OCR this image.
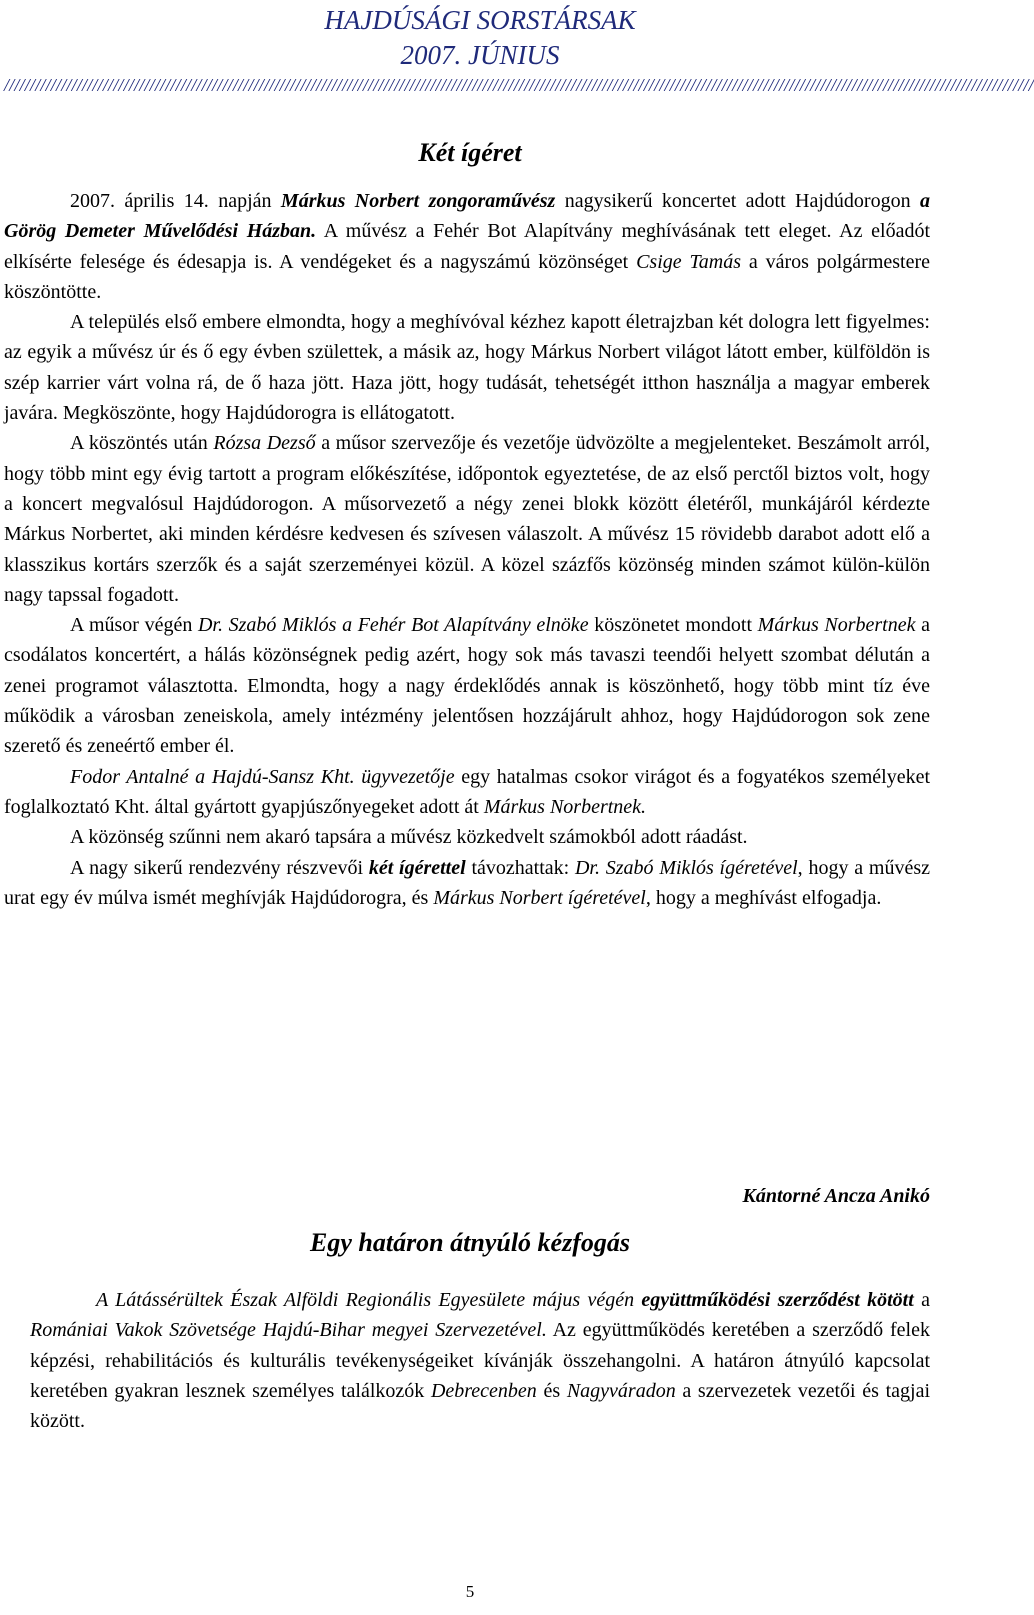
HAJDÚSÁGI SORSTÁRSAK
2007. JÚNIUS
//////////////////////////////////////////////////////////////////////////////////////////////////////////////////////////////////////////////////////////////////////////////////////////////////////
Két ígéret

2007. április 14. napján Márkus Norbert zongoraművész nagysikerű koncertet adott Hajdúdorogon a Görög Demeter Művelődési Házban. A művész a Fehér Bot Alapítvány meghívásának tett eleget. Az előadót elkísérte felesége és édesapja is. A vendégeket és a nagyszámú közönséget Csige Tamás a város polgármestere köszöntötte.

A település első embere elmondta, hogy a meghívóval kézhez kapott életrajzban két dologra lett figyelmes: az egyik a művész úr és ő egy évben születtek, a másik az, hogy Márkus Norbert világot látott ember, külföldön is szép karrier várt volna rá, de ő haza jött. Haza jött, hogy tudását, tehetségét itthon használja a magyar emberek javára. Megköszönte, hogy Hajdúdorogra is ellátogatott.

A köszöntés után Rózsa Dezső a műsor szervezője és vezetője üdvözölte a megjelenteket. Beszámolt arról, hogy több mint egy évig tartott a program előkészítése, időpontok egyeztetése, de az első perctől biztos volt, hogy a koncert megvalósul Hajdúdorogon. A műsorvezető a négy zenei blokk között életéről, munkájáról kérdezte Márkus Norbertet, aki minden kérdésre kedvesen és szívesen válaszolt. A művész 15 rövidebb darabot adott elő a klasszikus kortárs szerzők és a saját szerzeményei közül. A közel százfős közönség minden számot külön-külön nagy tapssal fogadott.

A műsor végén Dr. Szabó Miklós a Fehér Bot Alapítvány elnöke köszönetet mondott Márkus Norbertnek a csodálatos koncertért, a hálás közönségnek pedig azért, hogy sok más tavaszi teendői helyett szombat délután a zenei programot választotta. Elmondta, hogy a nagy érdeklődés annak is köszönhető, hogy több mint tíz éve működik a városban zeneiskola, amely intézmény jelentősen hozzájárult ahhoz, hogy Hajdúdorogon sok zene szerető és zeneértő ember él.

Fodor Antalné a Hajdú-Sansz Kht. ügyvezetője egy hatalmas csokor virágot és a fogyatékos személyeket foglalkoztató Kht. által gyártott gyapjúszőnyegeket adott át Márkus Norbertnek.

A közönség szűnni nem akaró tapsára a művész közkedvelt számokból adott ráadást.

A nagy sikerű rendezvény részvevői két ígérettel távozhattak: Dr. Szabó Miklós ígéretével, hogy a művész urat egy év múlva ismét meghívják Hajdúdorogra, és Márkus Norbert ígéretével, hogy a meghívást elfogadja.

Kántorné Ancza Anikó
Egy határon átnyúló kézfogás

A Látássérültek Észak Alföldi Regionális Egyesülete május végén együttműködési szerződést kötött a Romániai Vakok Szövetsége Hajdú-Bihar megyei Szervezetével. Az együttműködés keretében a szerződő felek képzési, rehabilitációs és kulturális tevékenységeiket kívánják összehangolni. A határon átnyúló kapcsolat keretében gyakran lesznek személyes találkozók Debrecenben és Nagyváradon a szervezetek vezetői és tagjai között.

5
